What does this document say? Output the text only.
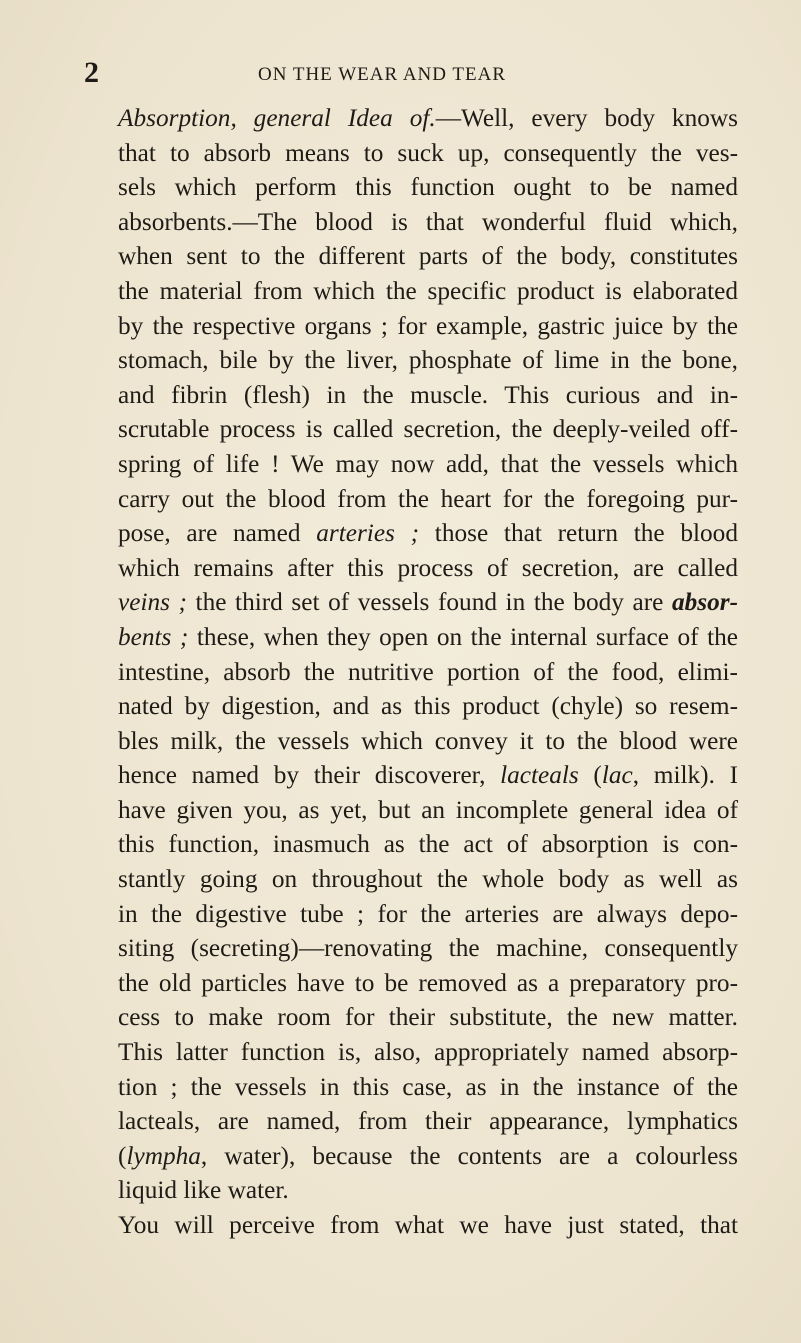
2	ON THE WEAR AND TEAR
Absorption, general Idea of.—Well, every body knows
that to absorb means to suck up, consequently the ves-
sels which perform this function ought to be named
absorbents.—The blood is that wonderful fluid which,
when sent to the different parts of the body, constitutes
the material from which the specific product is elaborated
by the respective organs ; for example, gastric juice by the
stomach, bile by the liver, phosphate of lime in the bone,
and fibrin (flesh) in the muscle. This curious and in-
scrutable process is called secretion, the deeply-veiled off-
spring of life ! We may now add, that the vessels which
carry out the blood from the heart for the foregoing pur-
pose, are named arteries ; those that return the blood
which remains after this process of secretion, are called
veins ; the third set of vessels found in the body are absor-
bents ; these, when they open on the internal surface of the
intestine, absorb the nutritive portion of the food, elimi-
nated by digestion, and as this product (chyle) so resem-
bles milk, the vessels which convey it to the blood were
hence named by their discoverer, lacteals (lac, milk). I
have given you, as yet, but an incomplete general idea of
this function, inasmuch as the act of absorption is con-
stantly going on throughout the whole body as well as
in the digestive tube ; for the arteries are always depo-
siting (secreting)—renovating the machine, consequently
the old particles have to be removed as a preparatory pro-
cess to make room for their substitute, the new matter.
This latter function is, also, appropriately named absorp-
tion ; the vessels in this case, as in the instance of the
lacteals, are named, from their appearance, lymphatics
(lympha, water), because the contents are a colourless
liquid like water.
You will perceive from what we have just stated, that
